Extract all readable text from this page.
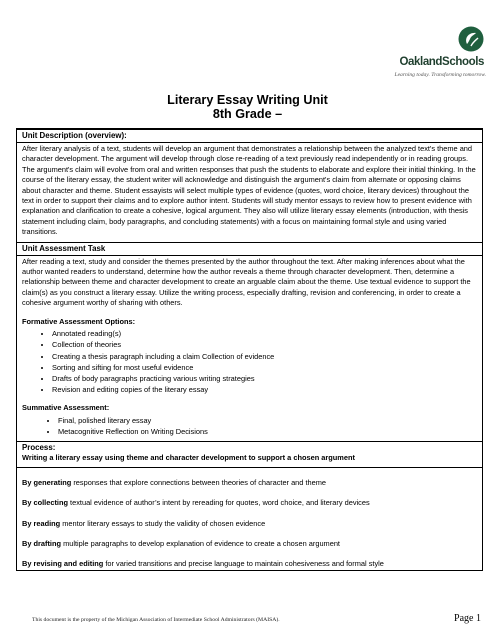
OaklandSchools
Learning today. Transforming tomorrow.
Literary Essay Writing Unit
8th Grade –
Unit Description (overview):
After literary analysis of a text, students will develop an argument that demonstrates a relationship between the analyzed text's theme and character development. The argument will develop through close re-reading of a text previously read independently or in reading groups. The argument's claim will evolve from oral and written responses that push the students to elaborate and explore their initial thinking. In the course of the literary essay, the student writer will acknowledge and distinguish the argument's claim from alternate or opposing claims about character and theme. Student essayists will select multiple types of evidence (quotes, word choice, literary devices) throughout the text in order to support their claims and to explore author intent. Students will study mentor essays to review how to present evidence with explanation and clarification to create a cohesive, logical argument. They also will utilize literary essay elements (introduction, with thesis statement including claim, body paragraphs, and concluding statements) with a focus on maintaining formal style and using varied transitions.
Unit Assessment Task

After reading a text, study and consider the themes presented by the author throughout the text. After making inferences about what the author wanted readers to understand, determine how the author reveals a theme through character development. Then, determine a relationship between theme and character development to create an arguable claim about the theme. Use textual evidence to support the claim(s) as you construct a literary essay. Utilize the writing process, especially drafting, revision and conferencing, in order to create a cohesive argument worthy of sharing with others.

Formative Assessment Options:
• Annotated reading(s)
• Collection of theories
• Creating a thesis paragraph including a claim Collection of evidence
• Sorting and sifting for most useful evidence
• Drafts of body paragraphs practicing various writing strategies
• Revision and editing copies of the literary essay
Summative Assessment:
• Final, polished literary essay
• Metacognitive Reflection on Writing Decisions
Process:
Writing a literary essay using theme and character development to support a chosen argument
By generating responses that explore connections between theories of character and theme
By collecting textual evidence of author’s intent by rereading for quotes, word choice, and literary devices
By reading mentor literary essays to study the validity of chosen evidence
By drafting multiple paragraphs to develop explanation of evidence to create a chosen argument
By revising and editing for varied transitions and precise language to maintain cohesiveness and formal style
This document is the property of the Michigan Association of Intermediate School Administrators (MAISA).	Page 1
